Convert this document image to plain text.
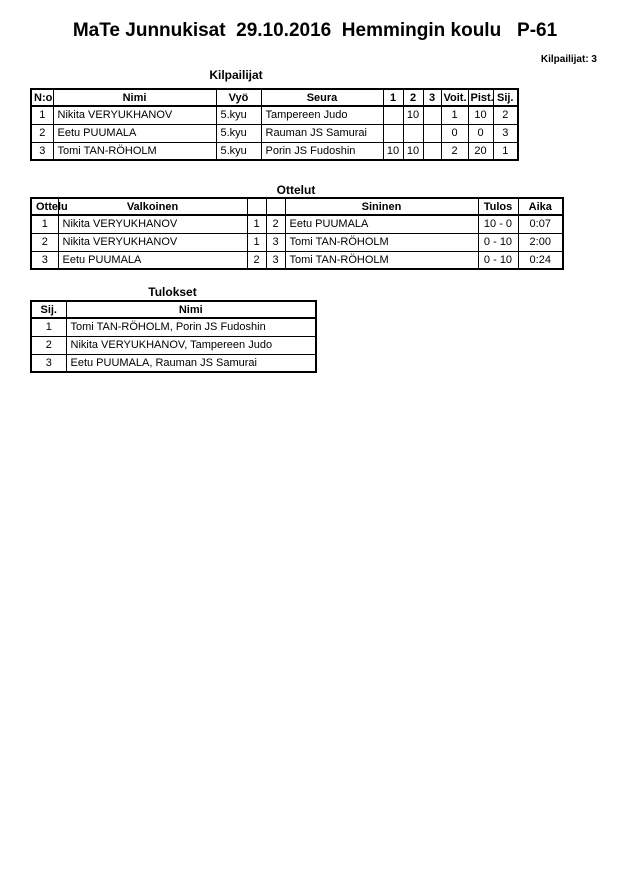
MaTe Junnukisat  29.10.2016  Hemmingin koulu   P-61
Kilpailijat: 3
Kilpailijat
N:o	Nimi	Vyö	Seura	1	2	3	Voit.	Pist.	Sij.
1	Nikita VERYUKHANOV	5.kyu	Tampereen Judo		10		1	10	2
2	Eetu PUUMALA	5.kyu	Rauman JS Samurai				0	0	3
3	Tomi TAN-RÖHOLM	5.kyu	Porin JS Fudoshin	10	10		2	20	1
Ottelut
Ottelu	Valkoinen			Sininen	Tulos	Aika
1	Nikita VERYUKHANOV	1	2	Eetu PUUMALA	10 - 0	0:07
2	Nikita VERYUKHANOV	1	3	Tomi TAN-RÖHOLM	0 - 10	2:00
3	Eetu PUUMALA	2	3	Tomi TAN-RÖHOLM	0 - 10	0:24
Tulokset
Sij.	Nimi
1	Tomi TAN-RÖHOLM, Porin JS Fudoshin
2	Nikita VERYUKHANOV, Tampereen Judo
3	Eetu PUUMALA, Rauman JS Samurai
